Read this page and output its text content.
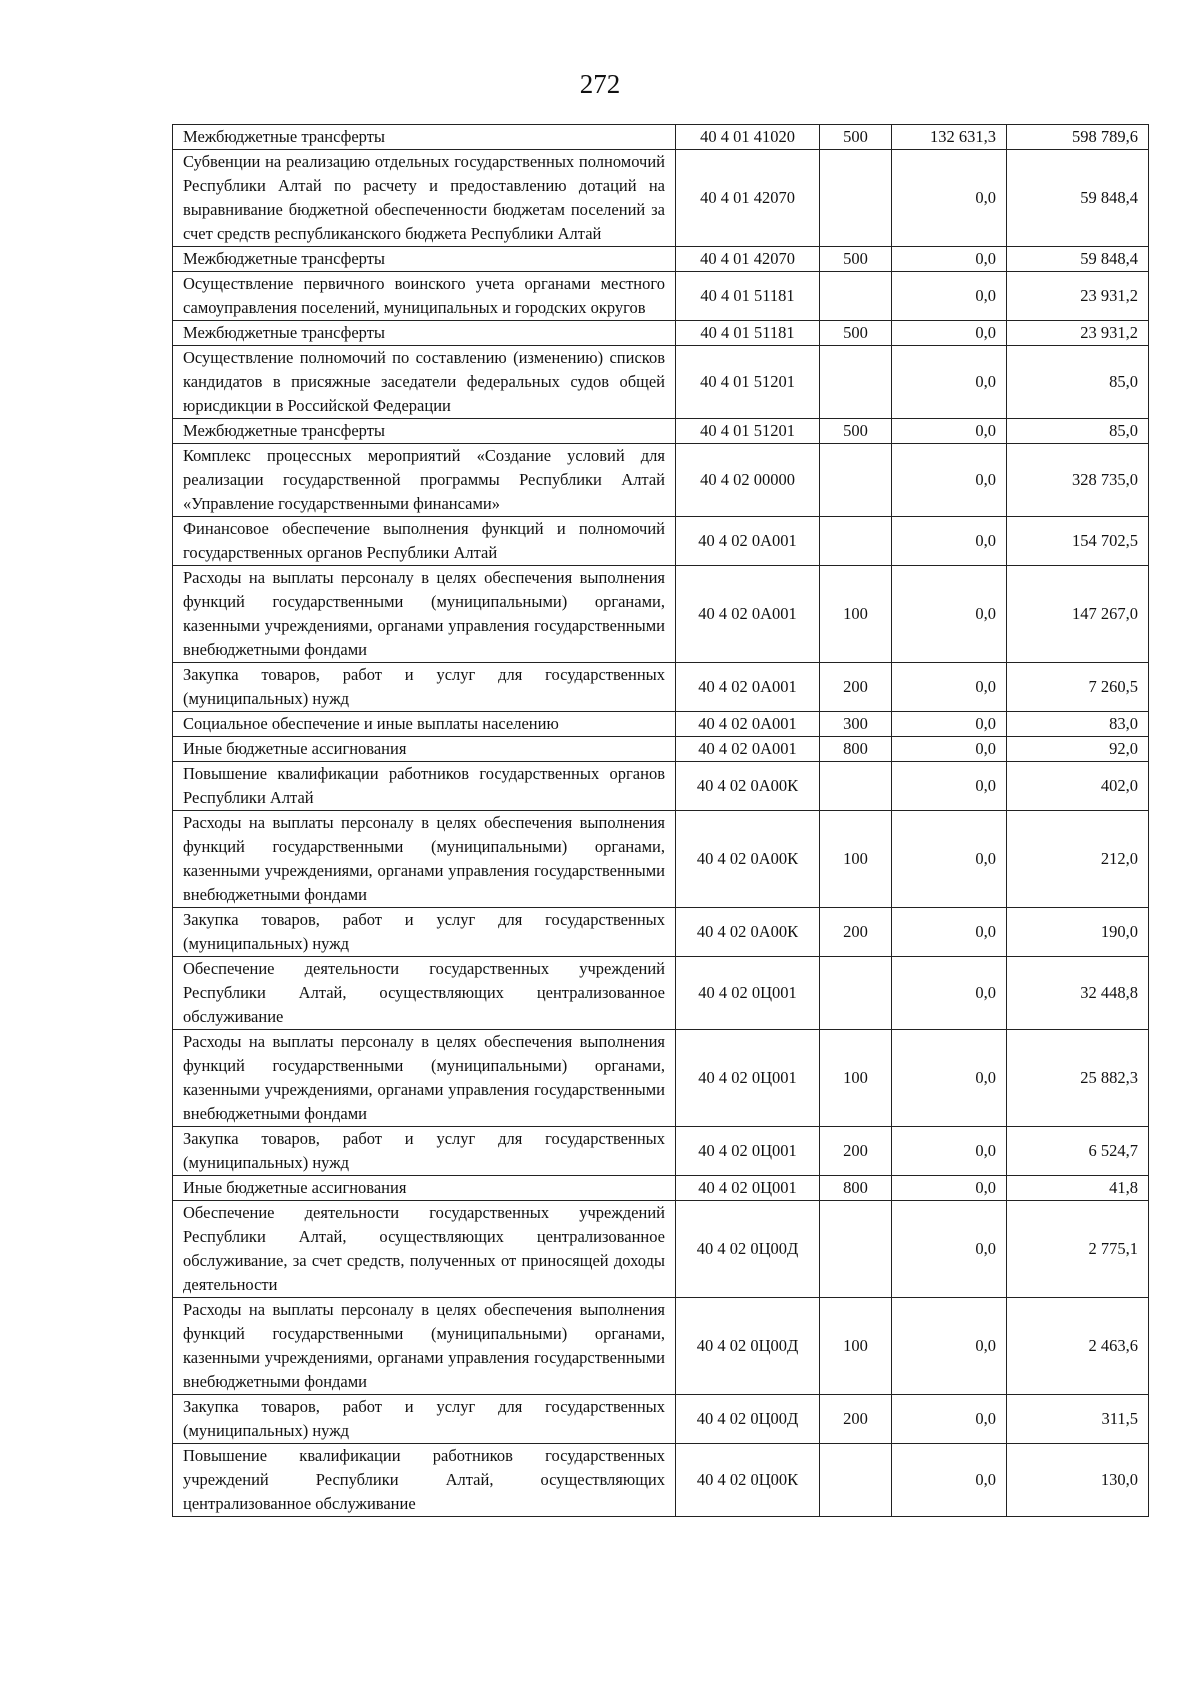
272
Межбюджетные трансферты	40 4 01 41020	500	132 631,3	598 789,6
Субвенции на реализацию отдельных государственных полномочий Республики Алтай по расчету и предоставлению дотаций на выравнивание бюджетной обеспеченности бюджетам поселений за счет средств республиканского бюджета Республики Алтай	40 4 01 42070		0,0	59 848,4
Межбюджетные трансферты	40 4 01 42070	500	0,0	59 848,4
Осуществление первичного воинского учета органами местного самоуправления поселений, муниципальных и городских округов	40 4 01 51181		0,0	23 931,2
Межбюджетные трансферты	40 4 01 51181	500	0,0	23 931,2
Осуществление полномочий по составлению (изменению) списков кандидатов в присяжные заседатели федеральных судов общей юрисдикции в Российской Федерации	40 4 01 51201		0,0	85,0
Межбюджетные трансферты	40 4 01 51201	500	0,0	85,0
Комплекс процессных мероприятий «Создание условий для реализации государственной программы Республики Алтай «Управление государственными финансами»	40 4 02 00000		0,0	328 735,0
Финансовое обеспечение выполнения функций и полномочий государственных органов Республики Алтай	40 4 02 0А001		0,0	154 702,5
Расходы на выплаты персоналу в целях обеспечения выполнения функций государственными (муниципальными) органами, казенными учреждениями, органами управления государственными внебюджетными фондами	40 4 02 0А001	100	0,0	147 267,0
Закупка товаров, работ и услуг для государственных (муниципальных) нужд	40 4 02 0А001	200	0,0	7 260,5
Социальное обеспечение и иные выплаты населению	40 4 02 0А001	300	0,0	83,0
Иные бюджетные ассигнования	40 4 02 0А001	800	0,0	92,0
Повышение квалификации работников государственных органов Республики Алтай	40 4 02 0А00К		0,0	402,0
Расходы на выплаты персоналу в целях обеспечения выполнения функций государственными (муниципальными) органами, казенными учреждениями, органами управления государственными внебюджетными фондами	40 4 02 0А00К	100	0,0	212,0
Закупка товаров, работ и услуг для государственных (муниципальных) нужд	40 4 02 0А00К	200	0,0	190,0
Обеспечение деятельности государственных учреждений Республики Алтай, осуществляющих централизованное обслуживание	40 4 02 0Ц001		0,0	32 448,8
Расходы на выплаты персоналу в целях обеспечения выполнения функций государственными (муниципальными) органами, казенными учреждениями, органами управления государственными внебюджетными фондами	40 4 02 0Ц001	100	0,0	25 882,3
Закупка товаров, работ и услуг для государственных (муниципальных) нужд	40 4 02 0Ц001	200	0,0	6 524,7
Иные бюджетные ассигнования	40 4 02 0Ц001	800	0,0	41,8
Обеспечение деятельности государственных учреждений Республики Алтай, осуществляющих централизованное обслуживание, за счет средств, полученных от приносящей доходы деятельности	40 4 02 0Ц00Д		0,0	2 775,1
Расходы на выплаты персоналу в целях обеспечения выполнения функций государственными (муниципальными) органами, казенными учреждениями, органами управления государственными внебюджетными фондами	40 4 02 0Ц00Д	100	0,0	2 463,6
Закупка товаров, работ и услуг для государственных (муниципальных) нужд	40 4 02 0Ц00Д	200	0,0	311,5
Повышение квалификации работников государственных учреждений Республики Алтай, осуществляющих централизованное обслуживание	40 4 02 0Ц00К		0,0	130,0
